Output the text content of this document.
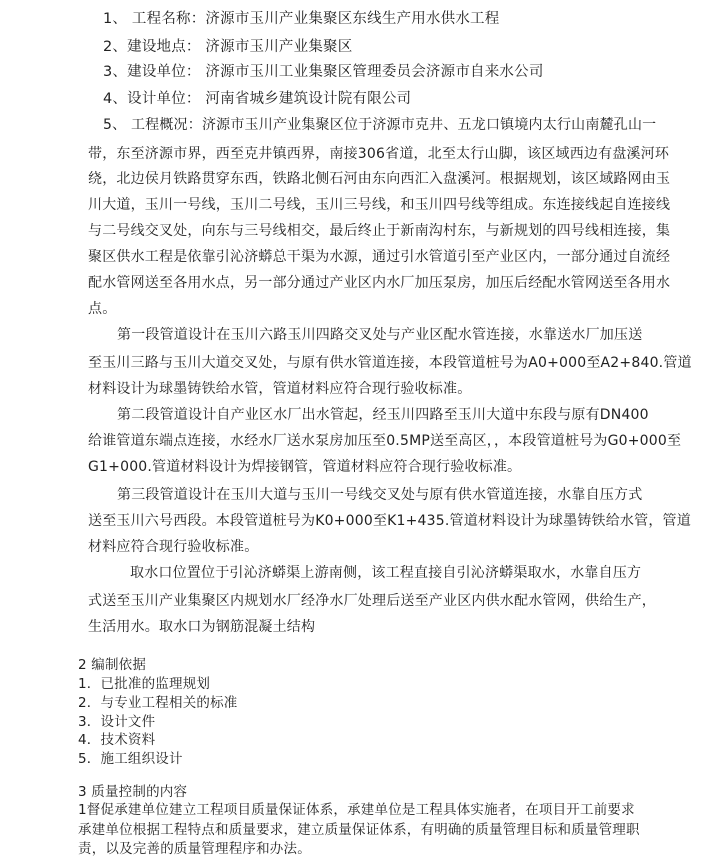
1、 工程名称：济源市玉川产业集聚区东线生产用水供水工程
2、建设地点： 济源市玉川产业集聚区
3、建设单位： 济源市玉川工业集聚区管理委员会济源市自来水公司
4、设计单位： 河南省城乡建筑设计院有限公司
5、 工程概况：济源市玉川产业集聚区位于济源市克井、五龙口镇境内太行山南麓孔山一
带，东至济源市界，西至克井镇西界，南接306省道，北至太行山脚，该区域西边有盘溪河环
绕，北边侯月铁路贯穿东西，铁路北侧石河由东向西汇入盘溪河。根据规划，该区域路网由玉
川大道，玉川一号线，玉川二号线，玉川三号线，和玉川四号线等组成。东连接线起自连接线
与二号线交叉处，向东与三号线相交，最后终止于新南沟村东，与新规划的四号线相连接，集
聚区供水工程是依靠引沁济蟒总干渠为水源，通过引水管道引至产业区内，一部分通过自流经
配水管网送至各用水点，另一部分通过产业区内水厂加压泵房，加压后经配水管网送至各用水
点。
第一段管道设计在玉川六路玉川四路交叉处与产业区配水管连接，水靠送水厂加压送
至玉川三路与玉川大道交叉处，与原有供水管道连接，本段管道桩号为A0+000至A2+840.管道
材料设计为球墨铸铁给水管，管道材料应符合现行验收标准。
第二段管道设计自产业区水厂出水管起，经玉川四路至玉川大道中东段与原有DN400
给谁管道东端点连接，水经水厂送水泵房加压至0.5MP送至高区，，本段管道桩号为G0+000至
G1+000.管道材料设计为焊接钢管，管道材料应符合现行验收标准。
第三段管道设计在玉川大道与玉川一号线交叉处与原有供水管道连接，水靠自压方式
送至玉川六号西段。本段管道桩号为K0+000至K1+435.管道材料设计为球墨铸铁给水管，管道
材料应符合现行验收标准。
取水口位置位于引沁济蟒渠上游南侧，该工程直接自引沁济蟒渠取水，水靠自压方
式送至玉川产业集聚区内规划水厂经净水厂处理后送至产业区内供水配水管网，供给生产，
生活用水。取水口为钢筋混凝土结构
2 编制依据
1．已批准的监理规划
2．与专业工程相关的标准
3．设计文件
4．技术资料
5．施工组织设计
3 质量控制的内容
1督促承建单位建立工程项目质量保证体系，承建单位是工程具体实施者，在项目开工前要求
承建单位根据工程特点和质量要求，建立质量保证体系，有明确的质量管理目标和质量管理职
责，以及完善的质量管理程序和办法。
